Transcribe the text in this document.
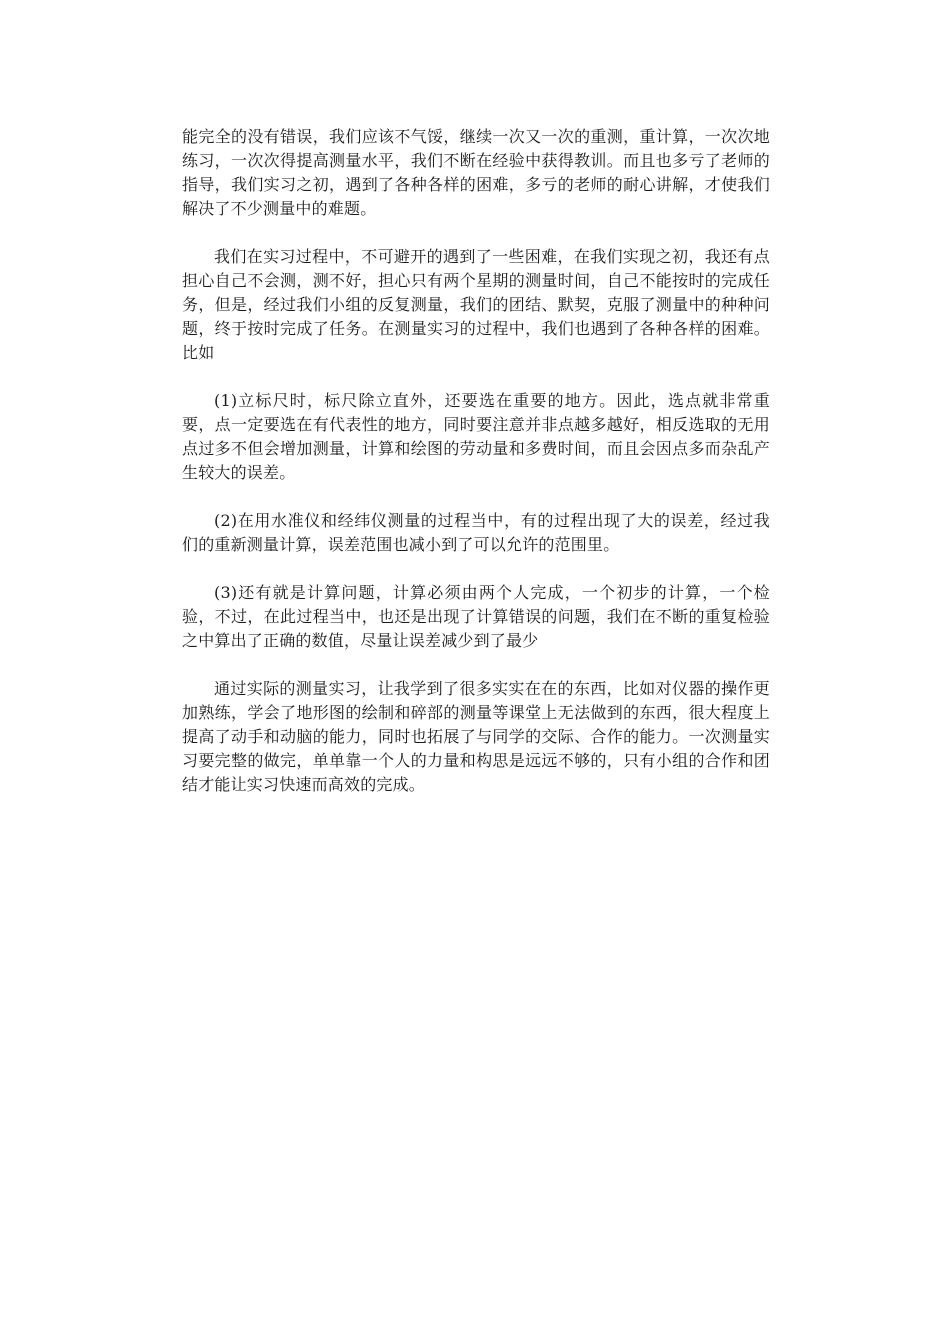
能完全的没有错误，我们应该不气馁，继续一次又一次的重测，重计算，一次次地练习，一次次得提高测量水平，我们不断在经验中获得教训。而且也多亏了老师的指导，我们实习之初，遇到了各种各样的困难，多亏的老师的耐心讲解，才使我们解决了不少测量中的难题。

我们在实习过程中，不可避开的遇到了一些困难，在我们实现之初，我还有点担心自己不会测，测不好，担心只有两个星期的测量时间，自己不能按时的完成任务，但是，经过我们小组的反复测量，我们的团结、默契，克服了测量中的种种问题，终于按时完成了任务。在测量实习的过程中，我们也遇到了各种各样的困难。比如

(1)立标尺时，标尺除立直外，还要选在重要的地方。因此，选点就非常重要，点一定要选在有代表性的地方，同时要注意并非点越多越好，相反选取的无用点过多不但会增加测量，计算和绘图的劳动量和多费时间，而且会因点多而杂乱产生较大的误差。

(2)在用水准仪和经纬仪测量的过程当中，有的过程出现了大的误差，经过我们的重新测量计算，误差范围也减小到了可以允许的范围里。

(3)还有就是计算问题，计算必须由两个人完成，一个初步的计算，一个检验，不过，在此过程当中，也还是出现了计算错误的问题，我们在不断的重复检验之中算出了正确的数值，尽量让误差减少到了最少

通过实际的测量实习，让我学到了很多实实在在的东西，比如对仪器的操作更加熟练，学会了地形图的绘制和碎部的测量等课堂上无法做到的东西，很大程度上提高了动手和动脑的能力，同时也拓展了与同学的交际、合作的能力。一次测量实习要完整的做完，单单靠一个人的力量和构思是远远不够的，只有小组的合作和团结才能让实习快速而高效的完成。
